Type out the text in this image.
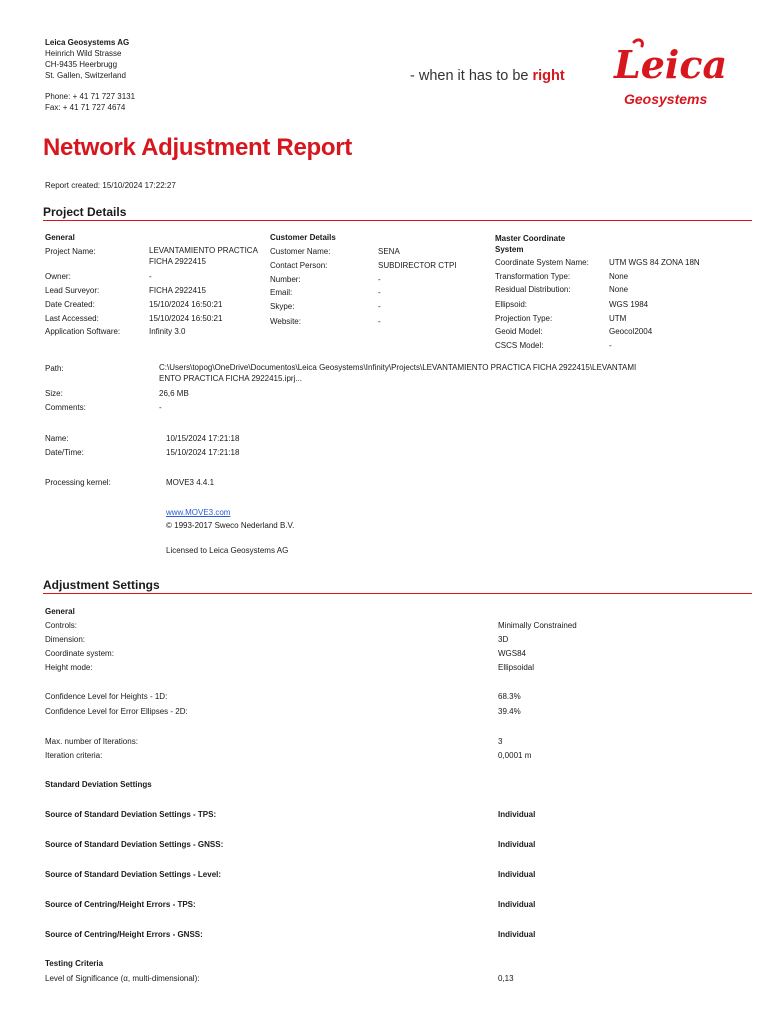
Leica Geosystems AG
Heinrich Wild Strasse
CH-9435 Heerbrugg
St. Gallen, Switzerland
Phone: + 41 71 727 3131
Fax: + 41 71 727 4674
- when it has to be right Leica
Geosystems
Network Adjustment Report
Report created: 15/10/2024 17:22:27
Project Details
General
Project Name:	LEVANTAMIENTO PRACTICA FICHA 2922415
Owner:	-
Lead Surveyor:	FICHA 2922415
Date Created:	15/10/2024 16:50:21
Last Accessed:	15/10/2024 16:50:21
Application Software:	Infinity 3.0
Customer Details
Customer Name:	SENA
Contact Person:	SUBDIRECTOR CTPI
Number:	-
Email:	-
Skype:	-
Website:	-
Master Coordinate System
Coordinate System Name:	UTM WGS 84 ZONA 18N
Transformation Type:	None
Residual Distribution:	None
Ellipsoid:	WGS 1984
Projection Type:	UTM
Geoid Model:	Geocol2004
CSCS Model:	-
Path:	C:\Users\topog\OneDrive\Documentos\Leica Geosystems\Infinity\Projects\LEVANTAMIENTO PRACTICA FICHA 2922415\LEVANTAMIENTO PRACTICA FICHA 2922415.iprj...
Size:	26,6 MB
Comments:	-
Name:	10/15/2024 17:21:18
Date/Time:	15/10/2024 17:21:18
Processing kernel:	MOVE3 4.4.1
www.MOVE3.com
© 1993-2017 Sweco Nederland B.V.
Licensed to Leica Geosystems AG
Adjustment Settings
General
Controls:	Minimally Constrained
Dimension:	3D
Coordinate system:	WGS84
Height mode:	Ellipsoidal
Confidence Level for Heights - 1D:	68.3%
Confidence Level for Error Ellipses - 2D:	39.4%
Max. number of Iterations:	3
Iteration criteria:	0,0001 m
Standard Deviation Settings
Source of Standard Deviation Settings - TPS:	Individual
Source of Standard Deviation Settings - GNSS:	Individual
Source of Standard Deviation Settings - Level:	Individual
Source of Centring/Height Errors - TPS:	Individual
Source of Centring/Height Errors - GNSS:	Individual
Testing Criteria
Level of Significance (α, multi-dimensional):	0,13
